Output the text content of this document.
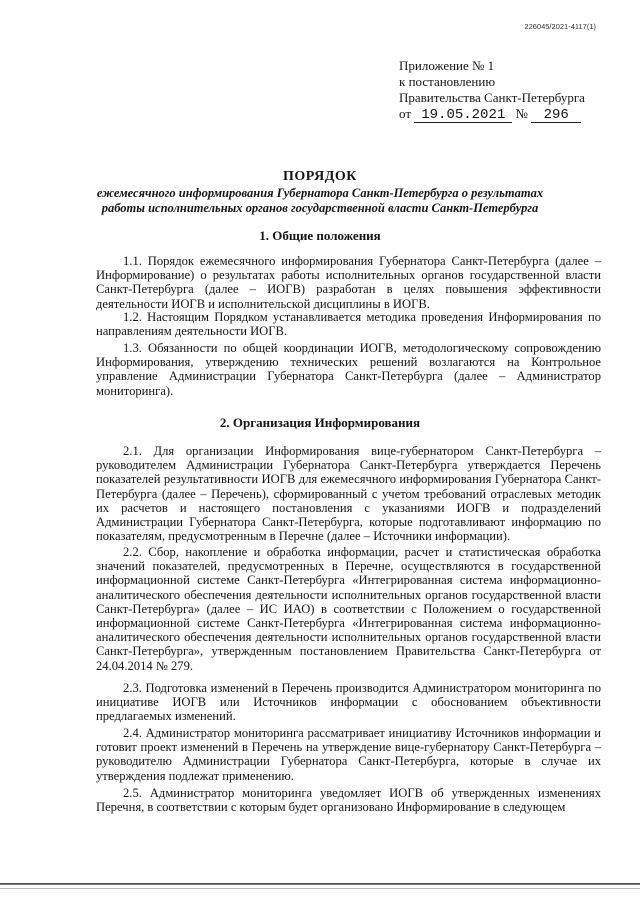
226045/2021-4117(1)
Приложение № 1
к постановлению
Правительства Санкт-Петербурга
от 19.05.2021 № 296
ПОРЯДОК
ежемесячного информирования Губернатора Санкт-Петербурга о результатах работы исполнительных органов государственной власти Санкт-Петербурга
1. Общие положения

1.1. Порядок ежемесячного информирования Губернатора Санкт-Петербурга (далее – Информирование) о результатах работы исполнительных органов государственной власти Санкт-Петербурга (далее – ИОГВ) разработан в целях повышения эффективности деятельности ИОГВ и исполнительской дисциплины в ИОГВ.

1.2. Настоящим Порядком устанавливается методика проведения Информирования по направлениям деятельности ИОГВ.

1.3. Обязанности по общей координации ИОГВ, методологическому сопровождению Информирования, утверждению технических решений возлагаются на Контрольное управление Администрации Губернатора Санкт-Петербурга (далее – Администратор мониторинга).

2. Организация Информирования

2.1. Для организации Информирования вице-губернатором Санкт-Петербурга – руководителем Администрации Губернатора Санкт-Петербурга утверждается Перечень показателей результативности ИОГВ для ежемесячного информирования Губернатора Санкт-Петербурга (далее – Перечень), сформированный с учетом требований отраслевых методик их расчетов и настоящего постановления с указаниями ИОГВ и подразделений Администрации Губернатора Санкт-Петербурга, которые подготавливают информацию по показателям, предусмотренным в Перечне (далее – Источники информации).

2.2. Сбор, накопление и обработка информации, расчет и статистическая обработка значений показателей, предусмотренных в Перечне, осуществляются в государственной информационной системе Санкт-Петербурга «Интегрированная система информационно-аналитического обеспечения деятельности исполнительных органов государственной власти Санкт-Петербурга» (далее – ИС ИАО) в соответствии с Положением о государственной информационной системе Санкт-Петербурга «Интегрированная система информационно-аналитического обеспечения деятельности исполнительных органов государственной власти Санкт-Петербурга», утвержденным постановлением Правительства Санкт-Петербурга от 24.04.2014 № 279.

2.3. Подготовка изменений в Перечень производится Администратором мониторинга по инициативе ИОГВ или Источников информации с обоснованием объективности предлагаемых изменений.

2.4. Администратор мониторинга рассматривает инициативу Источников информации и готовит проект изменений в Перечень на утверждение вице-губернатору Санкт-Петербурга – руководителю Администрации Губернатора Санкт-Петербурга, которые в случае их утверждения подлежат применению.

2.5. Администратор мониторинга уведомляет ИОГВ об утвержденных изменениях Перечня, в соответствии с которым будет организовано Информирование в следующем
